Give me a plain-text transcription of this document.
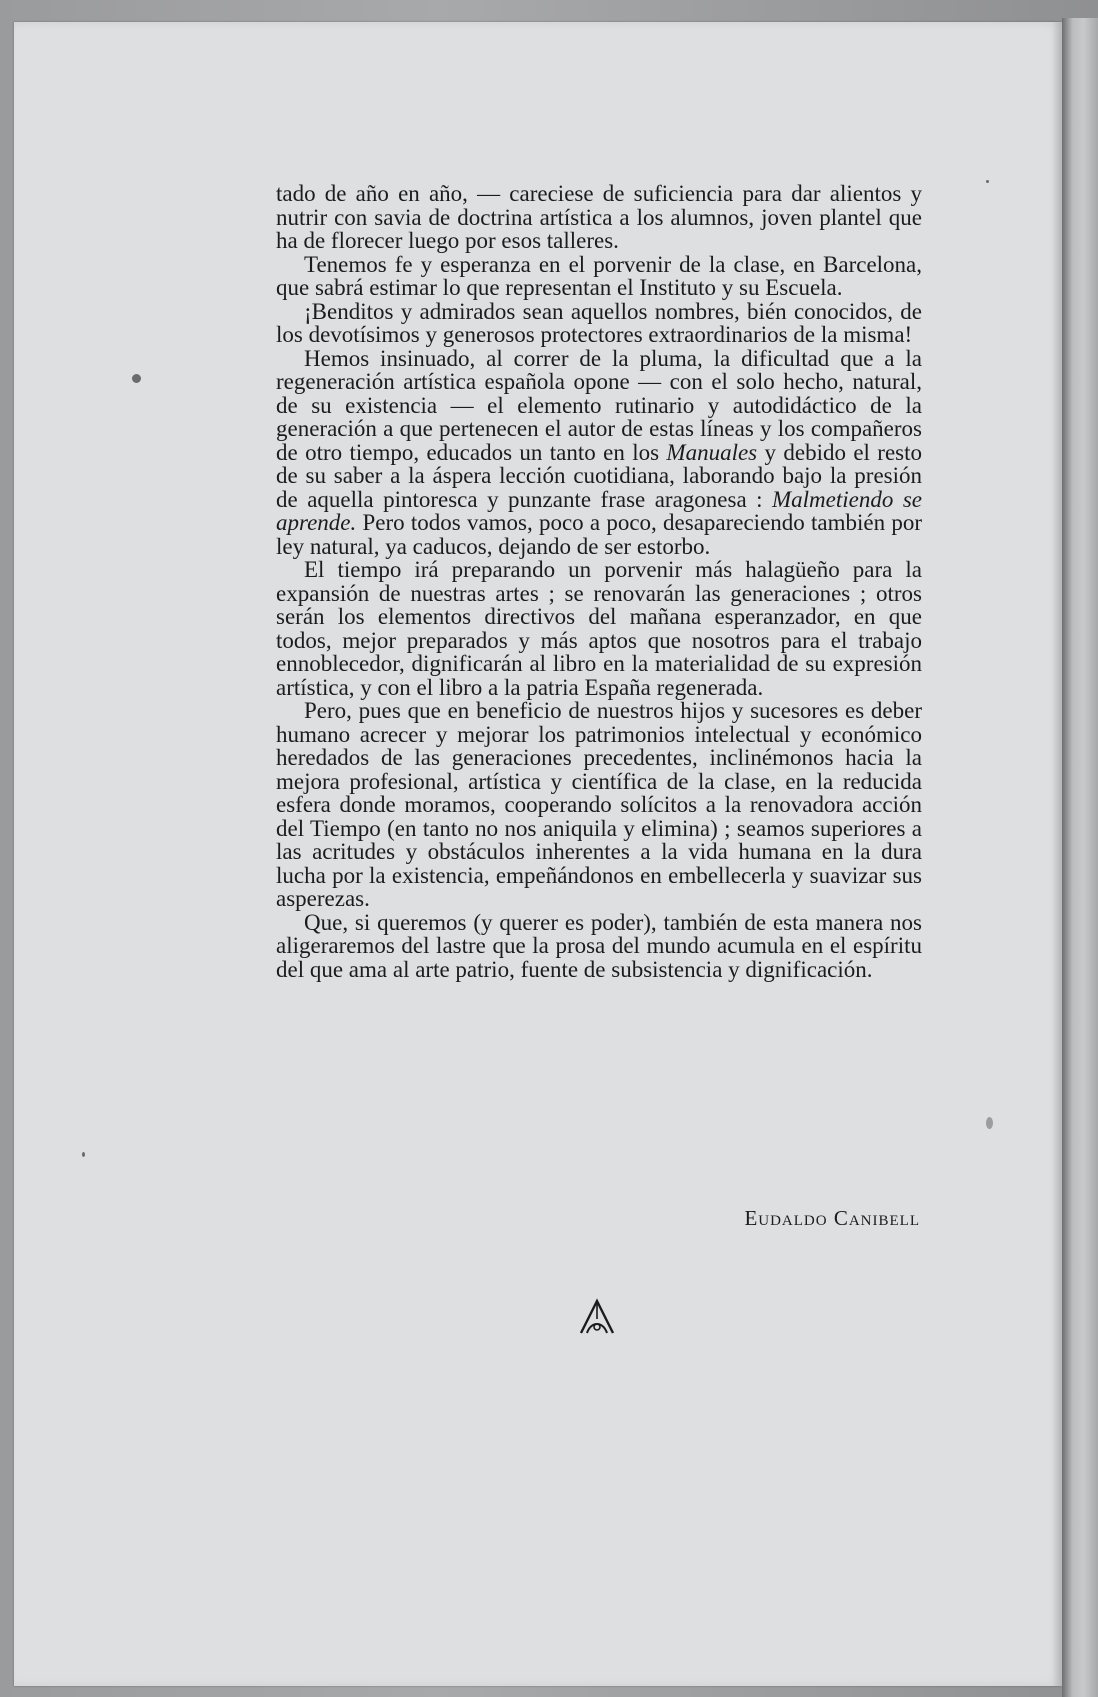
tado de año en año, — careciese de suficiencia para dar alientos y nutrir con savia de doctrina artística a los alumnos, joven plantel que ha de florecer luego por esos talleres.

Tenemos fe y esperanza en el porvenir de la clase, en Barcelona, que sabrá estimar lo que representan el Instituto y su Escuela.

¡Benditos y admirados sean aquellos nombres, bién conocidos, de los devotísimos y generosos protectores extraordinarios de la misma!

Hemos insinuado, al correr de la pluma, la dificultad que a la regeneración artística española opone — con el solo hecho, natural, de su existencia — el elemento rutinario y autodidáctico de la generación a que pertenecen el autor de estas líneas y los compañeros de otro tiempo, educados un tanto en los Manuales y debido el resto de su saber a la áspera lección cuotidiana, laborando bajo la presión de aquella pintoresca y punzante frase aragonesa : Malmetiendo se aprende. Pero todos vamos, poco a poco, desapareciendo también por ley natural, ya caducos, dejando de ser estorbo.

El tiempo irá preparando un porvenir más halagüeño para la expansión de nuestras artes ; se renovarán las generaciones ; otros serán los elementos directivos del mañana esperanzador, en que todos, mejor preparados y más aptos que nosotros para el trabajo ennoblecedor, dignificarán al libro en la materialidad de su expresión artística, y con el libro a la patria España regenerada.

Pero, pues que en beneficio de nuestros hijos y sucesores es deber humano acrecer y mejorar los patrimonios intelectual y económico heredados de las generaciones precedentes, inclinémonos hacia la mejora profesional, artística y científica de la clase, en la reducida esfera donde moramos, cooperando solícitos a la renovadora acción del Tiempo (en tanto no nos aniquila y elimina) ; seamos superiores a las acritudes y obstáculos inherentes a la vida humana en la dura lucha por la existencia, empeñándonos en embellecerla y suavizar sus asperezas.

Que, si queremos (y querer es poder), también de esta manera nos aligeraremos del lastre que la prosa del mundo acumula en el espíritu del que ama al arte patrio, fuente de subsistencia y dignificación.

Eudaldo Canibell
